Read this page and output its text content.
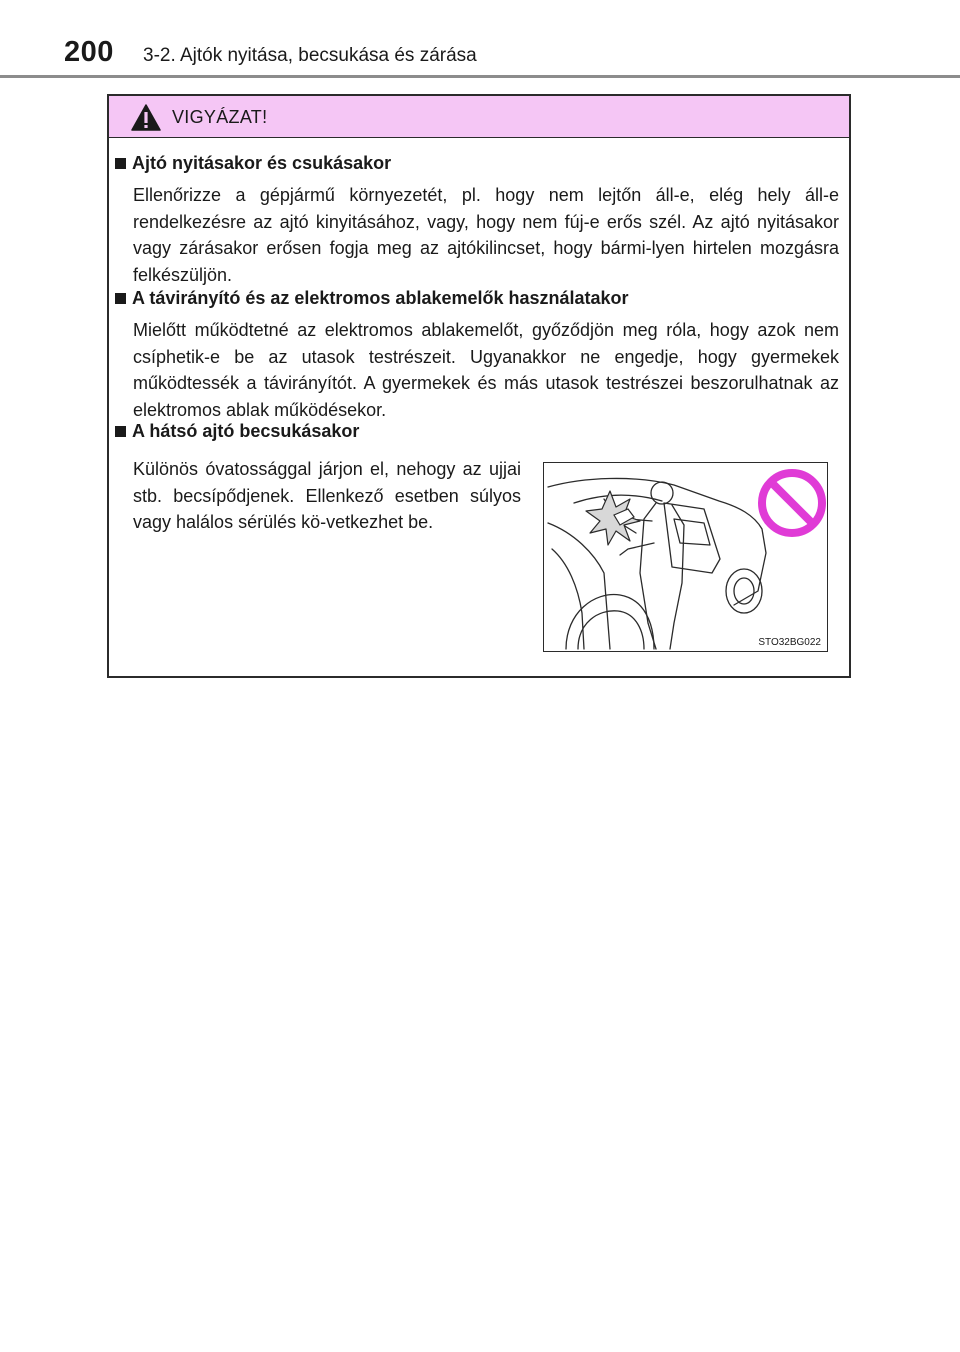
200 3-2. Ajtók nyitása, becsukása és zárása
VIGYÁZAT!
Ajtó nyitásakor és csukásakor
Ellenőrizze a gépjármű környezetét, pl. hogy nem lejtőn áll-e, elég hely áll-e rendelkezésre az ajtó kinyitásához, vagy, hogy nem fúj-e erős szél. Az ajtó nyitásakor vagy zárásakor erősen fogja meg az ajtókilincset, hogy bármi-lyen hirtelen mozgásra felkészüljön.
A távirányító és az elektromos ablakemelők használatakor
Mielőtt működtetné az elektromos ablakemelőt, győződjön meg róla, hogy azok nem csíphetik-e be az utasok testrészeit. Ugyanakkor ne engedje, hogy gyermekek működtessék a távirányítót. A gyermekek és más utasok testrészei beszorulhatnak az elektromos ablak működésekor.
A hátsó ajtó becsukásakor
Különös óvatossággal járjon el, nehogy az ujjai stb. becsípődjenek. Ellenkező esetben súlyos vagy halálos sérülés kö-vetkezhet be.
STO32BG022
